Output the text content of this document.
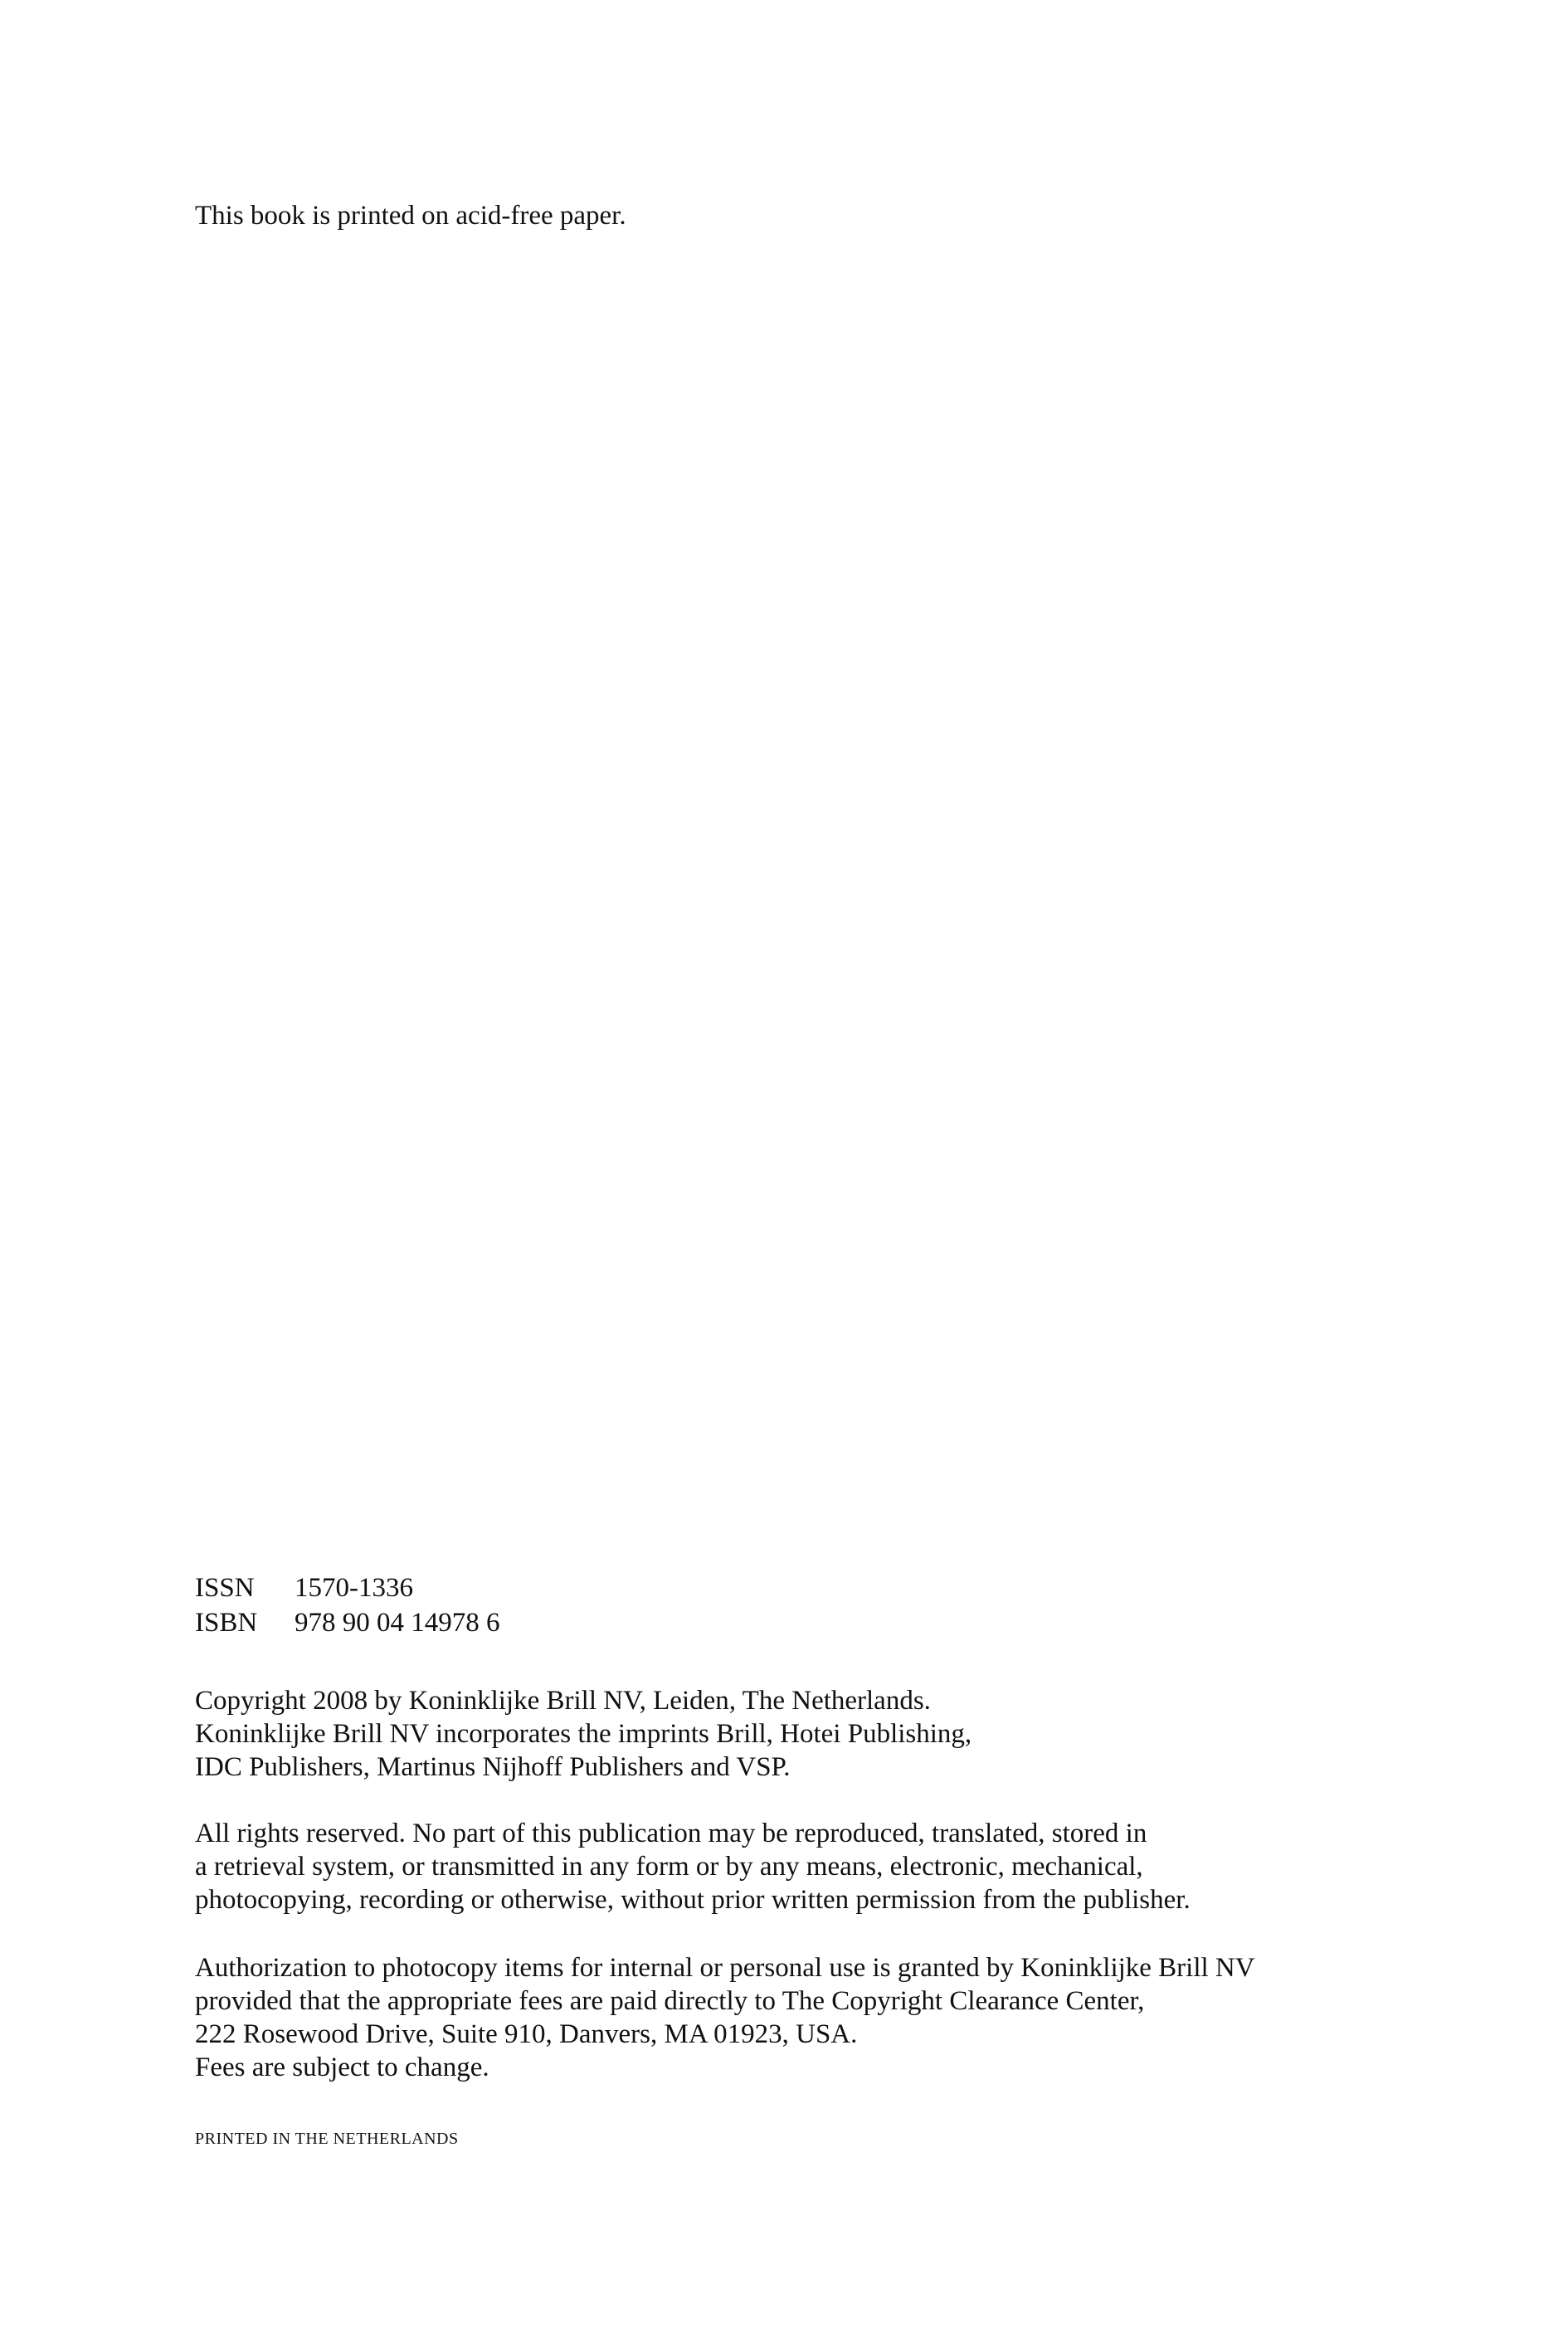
This book is printed on acid-free paper.
ISSN	1570-1336
ISBN	978 90 04 14978 6
Copyright 2008 by Koninklijke Brill NV, Leiden, The Netherlands.
Koninklijke Brill NV incorporates the imprints Brill, Hotei Publishing,
IDC Publishers, Martinus Nijhoff Publishers and VSP.
All rights reserved. No part of this publication may be reproduced, translated, stored in
a retrieval system, or transmitted in any form or by any means, electronic, mechanical,
photocopying, recording or otherwise, without prior written permission from the publisher.
Authorization to photocopy items for internal or personal use is granted by Koninklijke Brill NV
provided that the appropriate fees are paid directly to The Copyright Clearance Center,
222 Rosewood Drive, Suite 910, Danvers, MA 01923, USA.
Fees are subject to change.
PRINTED IN THE NETHERLANDS
